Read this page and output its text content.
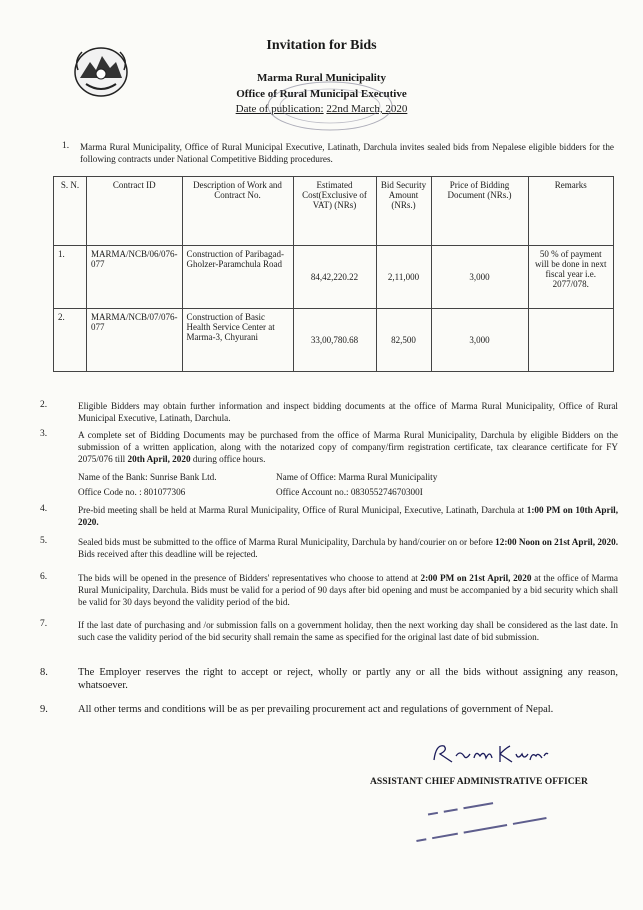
Invitation for Bids
Marma Rural Municipality
Office of Rural Municipal Executive
Date of publication: 22nd March, 2020
1. Marma Rural Municipality, Office of Rural Municipal Executive, Latinath, Darchula invites sealed bids from Nepalese eligible bidders for the following contracts under National Competitive Bidding procedures.
S. N.	Contract ID	Description of Work and Contract No.	Estimated Cost(Exclusive of VAT) (NRs)	Bid Security Amount (NRs.)	Price of Bidding Document (NRs.)	Remarks
1.	MARMA/NCB/06/076-077	Construction of Paribagad-Gholzer-Paramchula Road	84,42,220.22	2,11,000	3,000	50 % of payment will be done in next fiscal year i.e. 2077/078.
2.	MARMA/NCB/07/076-077	Construction of Basic Health Service Center at Marma-3, Chyurani	33,00,780.68	82,500	3,000	
2.	Eligible Bidders may obtain further information and inspect bidding documents at the office of Marma Rural Municipality, Office of Rural Municipal Executive, Latinath, Darchula.
3.	A complete set of Bidding Documents may be purchased from the office of Marma Rural Municipality, Darchula by eligible Bidders on the submission of a written application, along with the notarized copy of company/firm registration certificate, tax clearance certificate for FY 2075/076 till 20th April, 2020 during office hours.
Name of the Bank: Sunrise Bank Ltd.	Name of Office: Marma Rural Municipality
Office Code no. : 801077306	Office Account no.: 083055274670300I
4.	Pre-bid meeting shall be held at Marma Rural Municipality, Office of Rural Municipal, Executive, Latinath, Darchula at 1:00 PM on 10th April, 2020.
5.	Sealed bids must be submitted to the office of Marma Rural Municipality, Darchula by hand/courier on or before 12:00 Noon on 21st April, 2020. Bids received after this deadline will be rejected.
6.	The bids will be opened in the presence of Bidders' representatives who choose to attend at 2:00 PM on 21st April, 2020 at the office of Marma Rural Municipality, Darchula. Bids must be valid for a period of 90 days after bid opening and must be accompanied by a bid security which shall be valid for 30 days beyond the validity period of the bid.
7.	If the last date of purchasing and /or submission falls on a government holiday, then the next working day shall be considered as the last date. In such case the validity period of the bid security shall remain the same as specified for the original last date of bid submission.
8.	The Employer reserves the right to accept or reject, wholly or partly any or all the bids without assigning any reason, whatsoever.
9.	All other terms and conditions will be as per prevailing procurement act and regulations of government of Nepal.
ASSISTANT CHIEF ADMINISTRATIVE OFFICER
